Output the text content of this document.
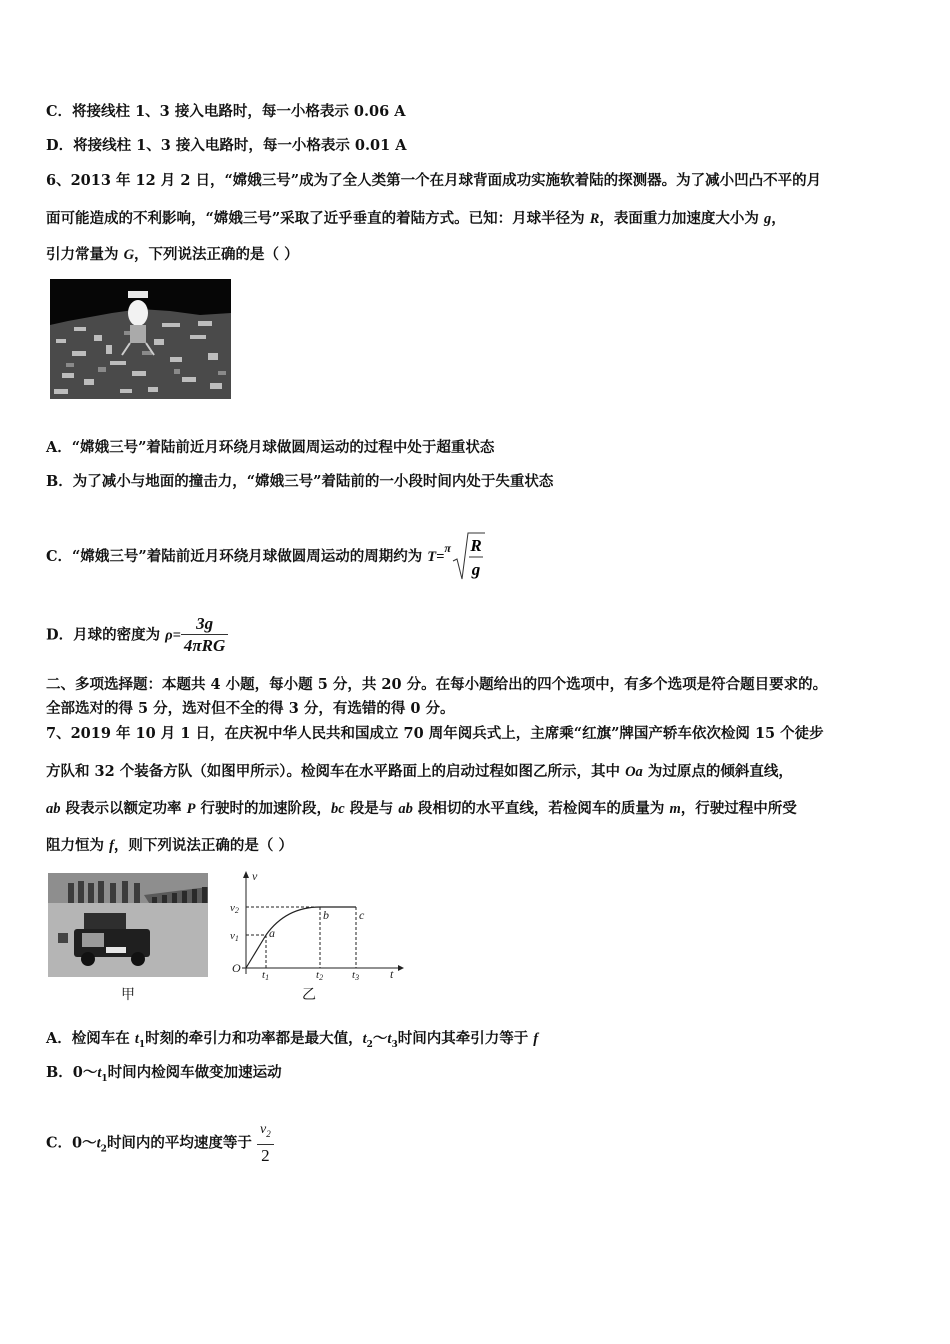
C．将接线柱 1、3 接入电路时，每一小格表示 0.06 A
D．将接线柱 1、3 接入电路时，每一小格表示 0.01 A
6、2013 年 12 月 2 日，“嫦娥三号”成为了全人类第一个在月球背面成功实施软着陆的探测器。为了减小凹凸不平的月
面可能造成的不利影响，“嫦娥三号”采取了近乎垂直的着陆方式。已知：月球半径为 R，表面重力加速度大小为 g，
引力常量为 G，下列说法正确的是（ ）
A．“嫦娥三号”着陆前近月环绕月球做圆周运动的过程中处于超重状态
B．为了减小与地面的撞击力，“嫦娥三号”着陆前的一小段时间内处于失重状态
C．“嫦娥三号”着陆前近月环绕月球做圆周运动的周期约为 T=$^\pi$ R
g
D．月球的密度为 $\rho= \frac{3g}{\text{4πRG}}$
二、多项选择题：本题共 4 小题，每小题 5 分，共 20 分。在每小题给出的四个选项中，有多个选项是符合题目要求的。
全部选对的得 5 分，选对但不全的得 3 分，有选错的得 0 分。
7、2019 年 10 月 1 日，在庆祝中华人民共和国成立 70 周年阅兵式上，主席乘“红旗”牌国产轿车依次检阅 15 个徒步
方队和 32 个装备方队（如图甲所示）。检阅车在水平路面上的启动过程如图乙所示，其中 Oa 为过原点的倾斜直线，
ab 段表示以额定功率 P 行驶时的加速阶段，bc 段是与 ab 段相切的水平直线，若检阅车的质量为 m，行驶过程中所受
阻力恒为 f，则下列说法正确的是（ ）
甲
v
t
O
v2
v1
t1	t2	t3
a
b	c
乙
A．检阅车在 $t_1$时刻的牵引力和功率都是最大值，$t_2\sim t_3$时间内其牵引力等于 f
B．$0\sim t_1$时间内检阅车做变加速运动
C．$0\sim t_2$时间内的平均速度等于 $\frac{v_2}{2}$
